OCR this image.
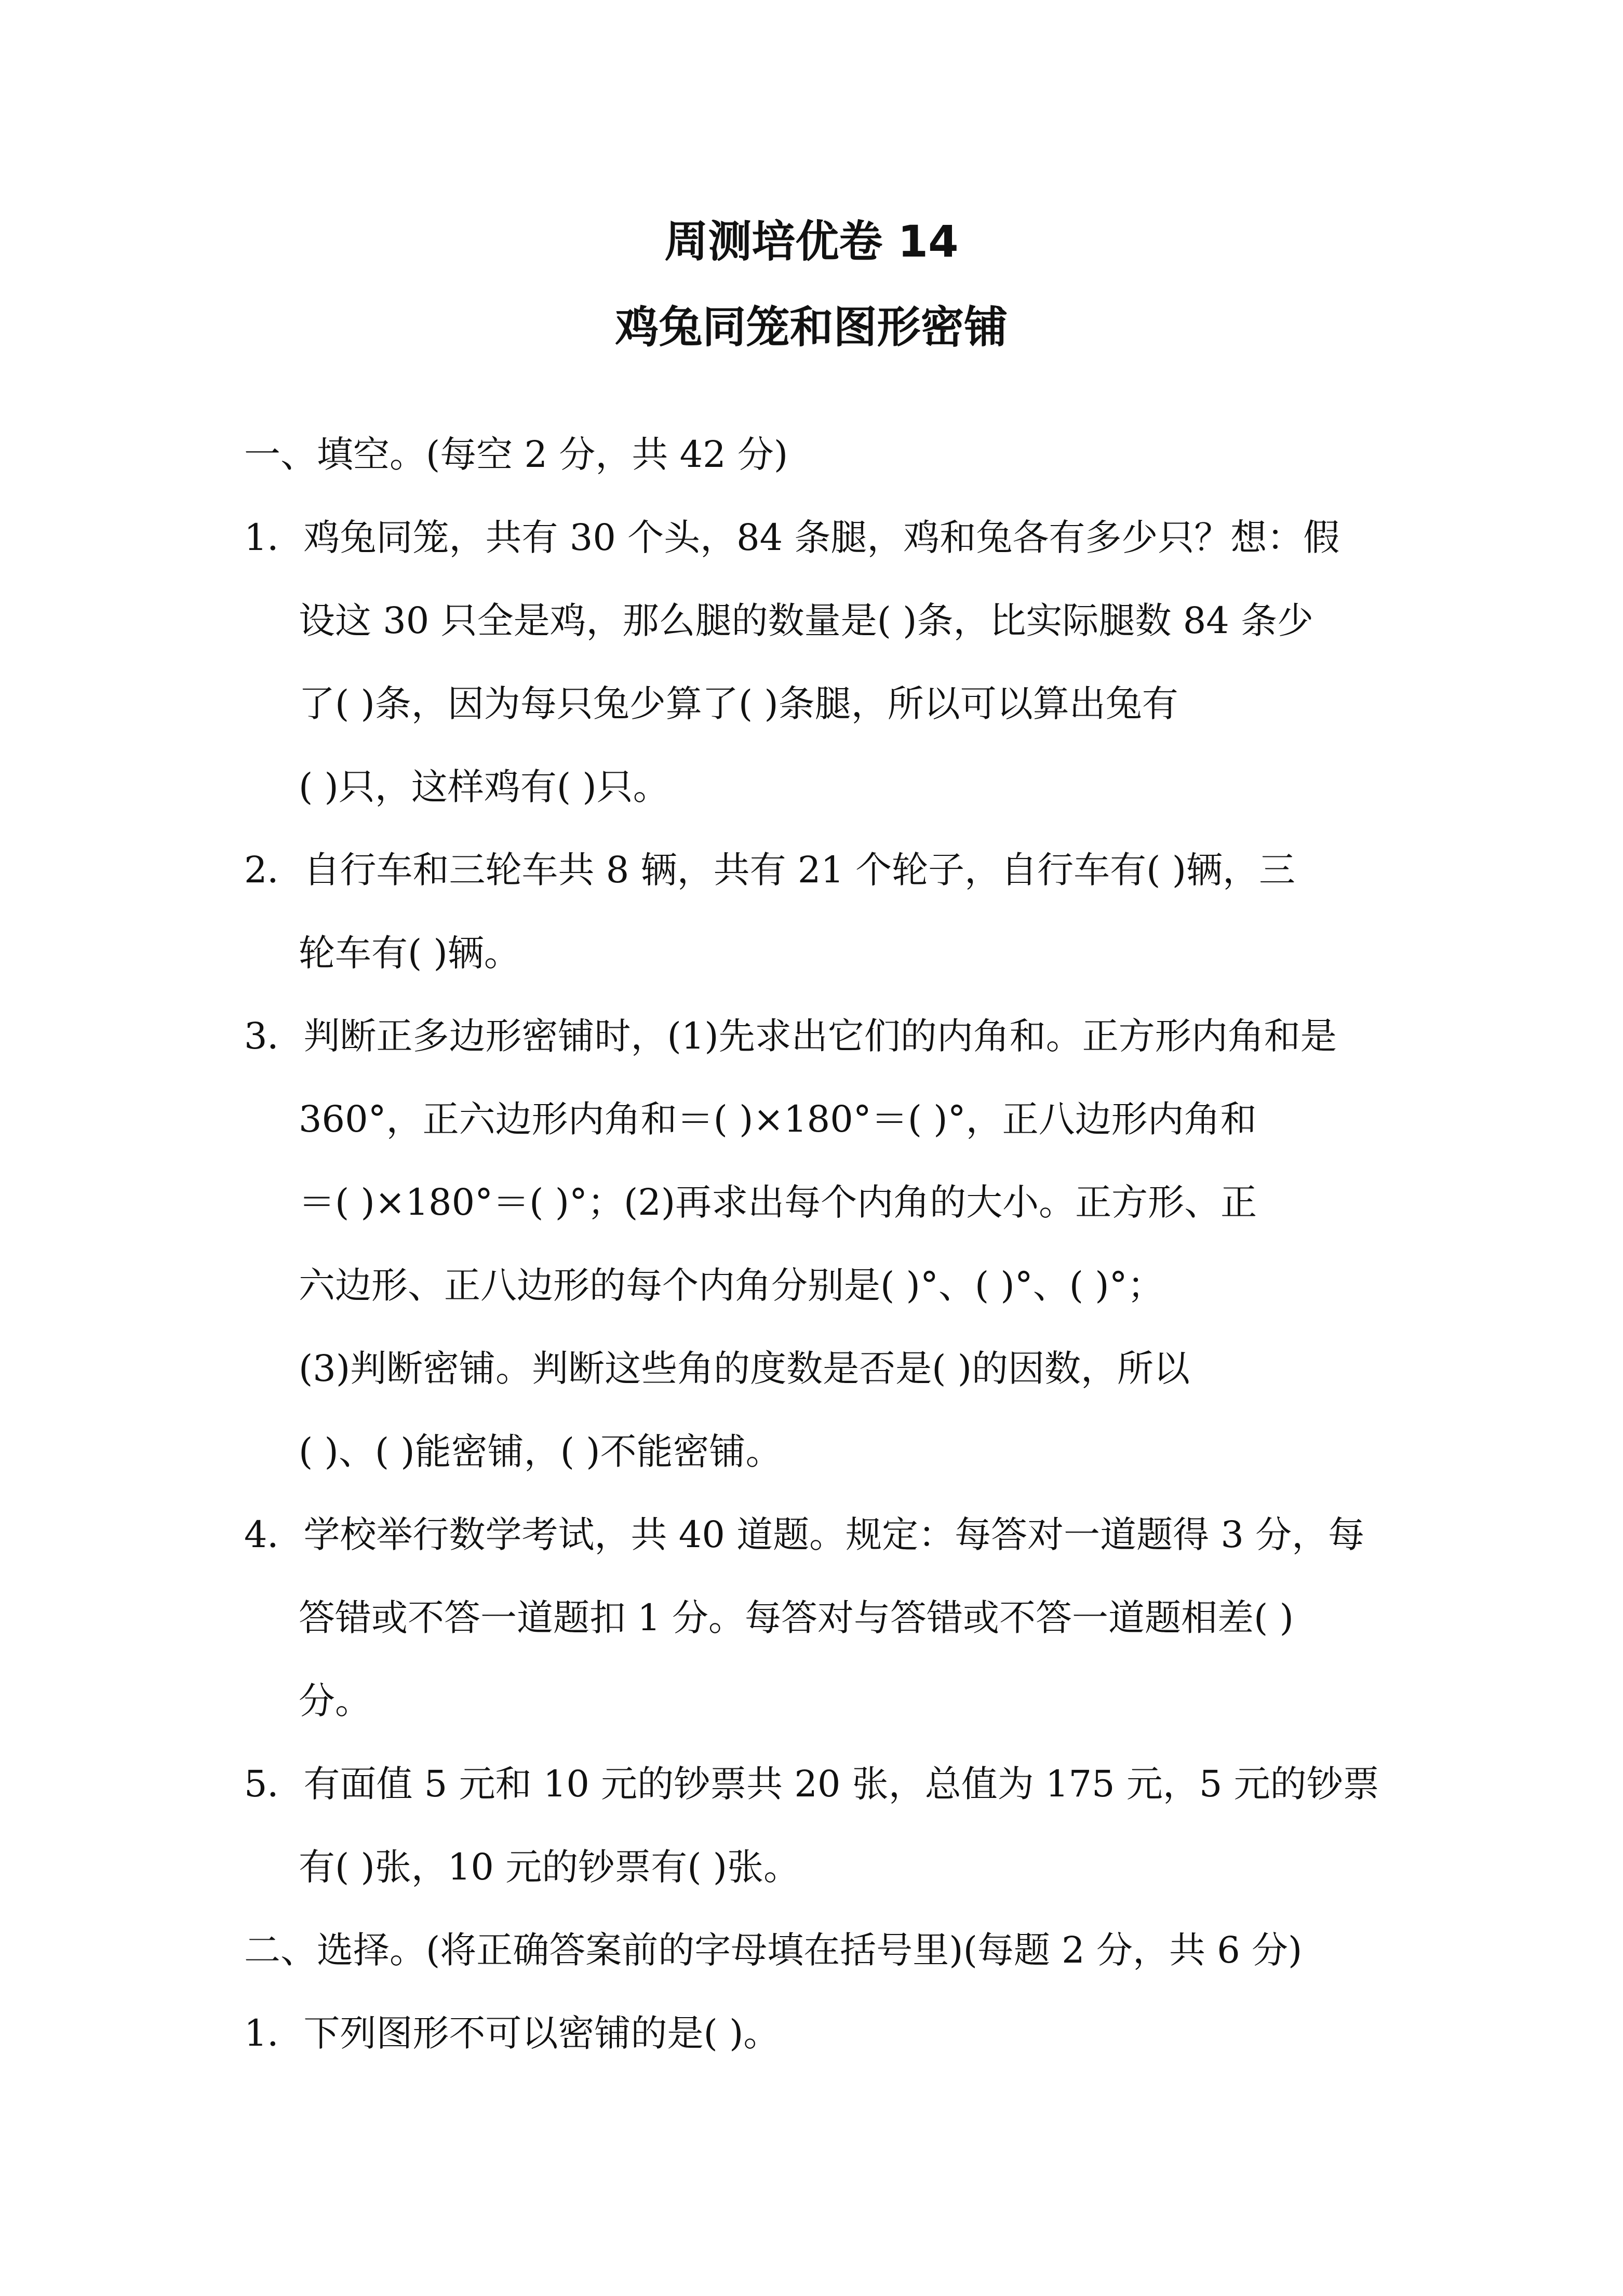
周测培优卷 14
鸡兔同笼和图形密铺
一、填空。(每空 2 分，共 42 分)
1．鸡兔同笼，共有 30 个头，84 条腿，鸡和兔各有多少只？想：假
设这 30 只全是鸡，那么腿的数量是( )条，比实际腿数 84 条少
了( )条，因为每只兔少算了( )条腿，所以可以算出兔有
( )只，这样鸡有( )只。
2．自行车和三轮车共 8 辆，共有 21 个轮子，自行车有( )辆，三
轮车有( )辆。
3．判断正多边形密铺时，(1)先求出它们的内角和。正方形内角和是
360°，正六边形内角和＝( )×180°＝( )°，正八边形内角和
＝( )×180°＝( )°；(2)再求出每个内角的大小。正方形、正
六边形、正八边形的每个内角分别是( )°、( )°、( )°；
(3)判断密铺。判断这些角的度数是否是( )的因数，所以
( )、( )能密铺，( )不能密铺。
4．学校举行数学考试，共 40 道题。规定：每答对一道题得 3 分，每
答错或不答一道题扣 1 分。每答对与答错或不答一道题相差( )
分。
5．有面值 5 元和 10 元的钞票共 20 张，总值为 175 元，5 元的钞票
有( )张，10 元的钞票有( )张。
二、选择。(将正确答案前的字母填在括号里)(每题 2 分，共 6 分)
1．下列图形不可以密铺的是( )。
